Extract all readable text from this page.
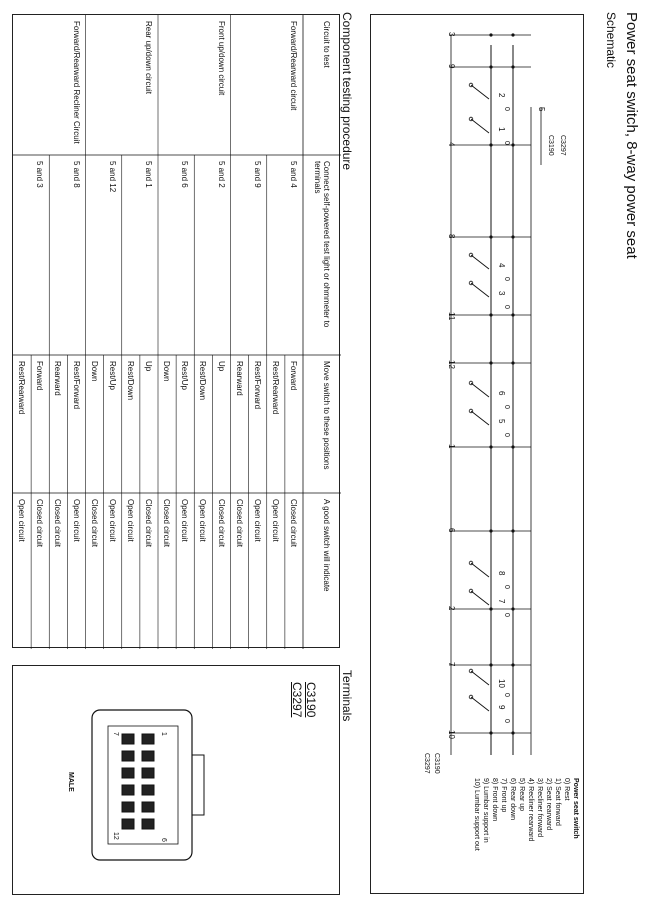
Power seat switch, 8-way power seat
Schematic
Component testing procedure
Terminals
3
9
4
8
11
12
1
6
2
7
10
5
2
0
1
0
4
0
3
0
6
0
5
0
8
0
7
0
10
0
9
0
C3297
C3190
C3190
C3297
Power seat switch
0) Rest
1) Seat forward
2) Seat rearward
3) Recliner forward
4) Recliner rearward
5) Rear up
6) Rear down
7) Front up
8) Front down
9) Lumbar support in
10) Lumbar support out
Circuit to test
Connect self-powered test light or ohmmeter to terminals
Move switch to these positions
A good switch will indicate
Forward/Rearward circuit
5 and 4
Forward
Closed circuit
Rest/Rearward
Open circuit
5 and 9
Rest/Forward
Open circuit
Rearward
Closed circuit
Front up/down circuit
5 and 2
Up
Closed circuit
Rest/Down
Open circuit
5 and 6
Rest/Up
Open circuit
Down
Closed circuit
Rear up/down circuit
5 and 1
Up
Closed circuit
Rest/Down
Open circuit
5 and 12
Rest/Up
Open circuit
Down
Closed circuit
Forward/Rearward Recliner Circuit
5 and 8
Rest/Forward
Open circuit
Rearward
Closed circuit
5 and 3
Forward
Closed circuit
Rest/Rearward
Open circuit
C3190
C3297
MALE
1
7
6
12
